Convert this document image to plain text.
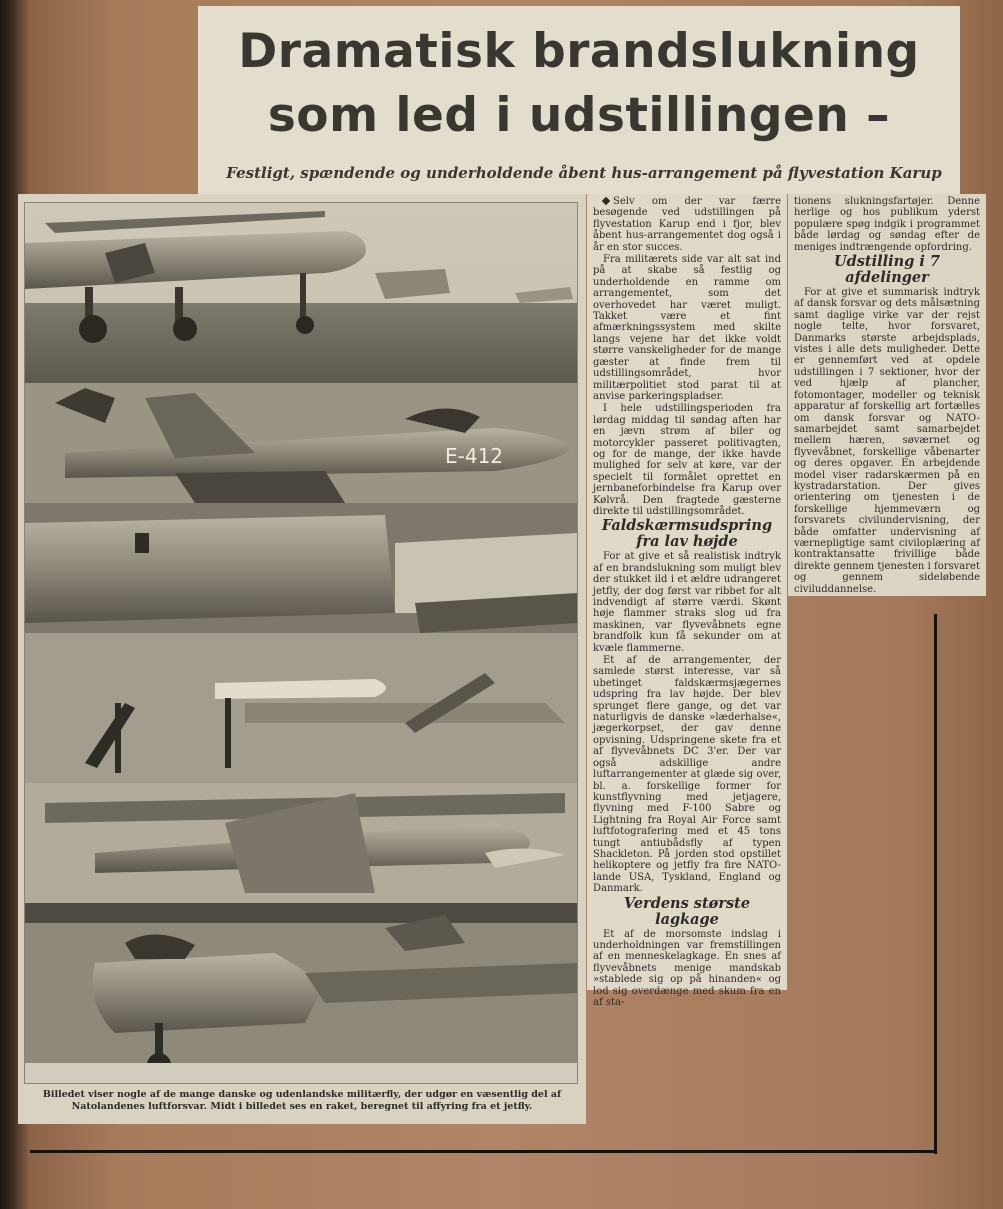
Dramatisk brandslukning
som led i udstillingen –
Festligt, spændende og underholdende åbent hus-arrangement på flyvestation Karup
E-412
Billedet viser nogle af de mange danske og udenlandske militærfly, der udgør en væsentlig del af Natolandenes luftforsvar. Midt i billedet ses en raket, beregnet til affyring fra et jetfly.

Selv om der var færre besøgende ved udstillingen på flyvestation Karup end i fjor, blev åbent hus-arrangementet dog også i år en stor succes.

Fra militærets side var alt sat ind på at skabe så festlig og underholdende en ramme om arrangementet, som det overhovedet har været muligt. Takket være et fint afmærkningssystem med skilte langs vejene har det ikke voldt større vanskeligheder for de mange gæster at finde frem til udstillingsområdet, hvor militærpolitiet stod parat til at anvise parkeringspladser.

I hele udstillingsperioden fra lørdag middag til søndag aften har en jævn strøm af biler og motorcykler passeret politivagten, og for de mange, der ikke havde mulighed for selv at køre, var der specielt til formålet oprettet en jernbaneforbindelse fra Karup over Kølvrå. Den fragtede gæsterne direkte til udstillingsområdet.

Faldskærmsudspring fra lav højde

For at give et så realistisk indtryk af en brandslukning som muligt blev der stukket ild i et ældre udrangeret jetfly, der dog først var ribbet for alt indvendigt af større værdi. Skønt høje flammer straks slog ud fra maskinen, var flyvevåbnets egne brandfolk kun få sekunder om at kvæle flammerne.

Et af de arrangementer, der samlede størst interesse, var så ubetinget faldskærmsjægernes udspring fra lav højde. Der blev sprunget flere gange, og det var naturligvis de danske »læderhalse«, jægerkorpset, der gav denne opvisning. Udspringene skete fra et af flyvevåbnets DC 3'er. Der var også adskillige andre luftarrangementer at glæde sig over, bl. a. forskellige former for kunstflyvning med jetjagere, flyvning med F-100 Sabre og Lightning fra Royal Air Force samt luftfotografering med et 45 tons tungt antiubådsfly af typen Shackleton. På jorden stod opstillet helikoptere og jetfly fra fire NATO-lande USA, Tyskland, England og Danmark.

Verdens største lagkage

Et af de morsomste indslag i underholdningen var fremstillingen af en menneskelagkage. En snes af flyvevåbnets menige mandskab »stablede sig op på hinanden« og lod sig overdænge med skum fra en af sta-

tionens slukningsfartøjer. Denne herlige og hos publikum yderst populære spøg indgik i programmet både lørdag og søndag efter de meniges indtrængende opfordring.

Udstilling i 7 afdelinger

For at give et summarisk indtryk af dansk forsvar og dets målsætning samt daglige virke var der rejst nogle telte, hvor forsvaret, Danmarks største arbejdsplads, vistes i alle dets muligheder. Dette er gennemført ved at opdele udstillingen i 7 sektioner, hvor der ved hjælp af plancher, fotomontager, modeller og teknisk apparatur af forskellig art fortælles om dansk forsvar og NATO-samarbejdet samt samarbejdet mellem hæren, søværnet og flyvevåbnet, forskellige våbenarter og deres opgaver. En arbejdende model viser radarskærmen på en kystradarstation. Der gives orientering om tjenesten i de forskellige hjemmeværn og forsvarets civilundervisning, der både omfatter undervisning af værnepligtige samt civiloplæring af kontraktansatte frivillige både direkte gennem tjenesten i forsvaret og gennem sideløbende civiluddannelse.
